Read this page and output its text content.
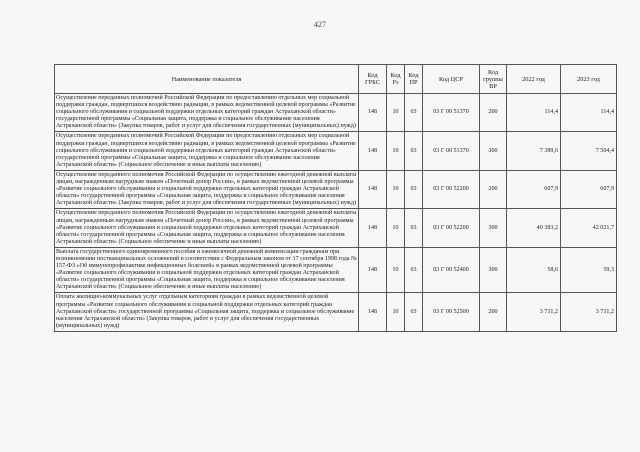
427
Наименование показателя	Код ГРБС	Код Рз	Код ПР	Код ЦСР	Код группы ВР	2022 год	2023 год
Осуществление переданных полномочий Российской Федерации по предоставлению отдельных мер социальной поддержки граждан, подвергшихся воздействию радиации, в рамках ведомственной целевой программы «Развитие социального обслуживания и социальной поддержки отдельных категорий граждан Астраханской области» государственной программы «Социальная защита, поддержка и социальное обслуживание населения Астраханской области» (Закупка товаров, работ и услуг для обеспечения государственных (муниципальных) нужд)	148	10	03	03 Г 00 51370	200	114,4	114,4
Осуществление переданных полномочий Российской Федерации по предоставлению отдельных мер социальной поддержки граждан, подвергшихся воздействию радиации, в рамках ведомственной целевой программы «Развитие социального обслуживания и социальной поддержки отдельных категорий граждан Астраханской области» государственной программы «Социальная защита, поддержка и социальное обслуживание населения Астраханской области» (Социальное обеспечение и иные выплаты населению)	148	10	03	03 Г 00 51370	300	7 389,6	7 504,4
Осуществление переданного полномочия Российской Федерации по осуществлению ежегодной денежной выплаты лицам, награжденным нагрудным знаком «Почетный донор России», в рамках ведомственной целевой программы «Развитие социального обслуживания и социальной поддержки отдельных категорий граждан Астраханской области» государственной программы «Социальная защита, поддержка и социальное обслуживание населения Астраханской области» (Закупка товаров, работ и услуг для обеспечения государственных (муниципальных) нужд)	148	10	03	03 Г 00 52200	200	607,9	607,9
Осуществление переданного полномочия Российской Федерации по осуществлению ежегодной денежной выплаты лицам, награжденным нагрудным знаком «Почетный донор России», в рамках ведомственной целевой программы «Развитие социального обслуживания и социальной поддержки отдельных категорий граждан Астраханской области» государственной программы «Социальная защита, поддержка и социальное обслуживание населения Астраханской области» (Социальное обеспечение и иные выплаты населению)	148	10	03	03 Г 00 52200	300	40 383,2	42 021,7
Выплата государственного единовременного пособия и ежемесячной денежной компенсации гражданам при возникновении поствакцинальных осложнений в соответствии с Федеральным законом от 17 сентября 1998 года № 157-ФЗ «Об иммунопрофилактике инфекционных болезней» в рамках ведомственной целевой программы «Развитие социального обслуживания и социальной поддержки отдельных категорий граждан Астраханской области» государственной программы «Социальная защита, поддержка и социальное обслуживание населения Астраханской области» (Социальное обеспечение и иные выплаты населению)	148	10	03	03 Г 00 52400	300	58,6	59,3
Оплата жилищно-коммунальных услуг отдельным категориям граждан в рамках ведомственной целевой программы «Развитие социального обслуживания и социальной поддержки отдельных категорий граждан Астраханской области» государственной программы «Социальная защита, поддержка и социальное обслуживание населения Астраханской области» (Закупка товаров, работ и услуг для обеспечения государственных (муниципальных) нужд)	148	10	03	03 Г 00 52500	200	3 731,2	3 731,2
